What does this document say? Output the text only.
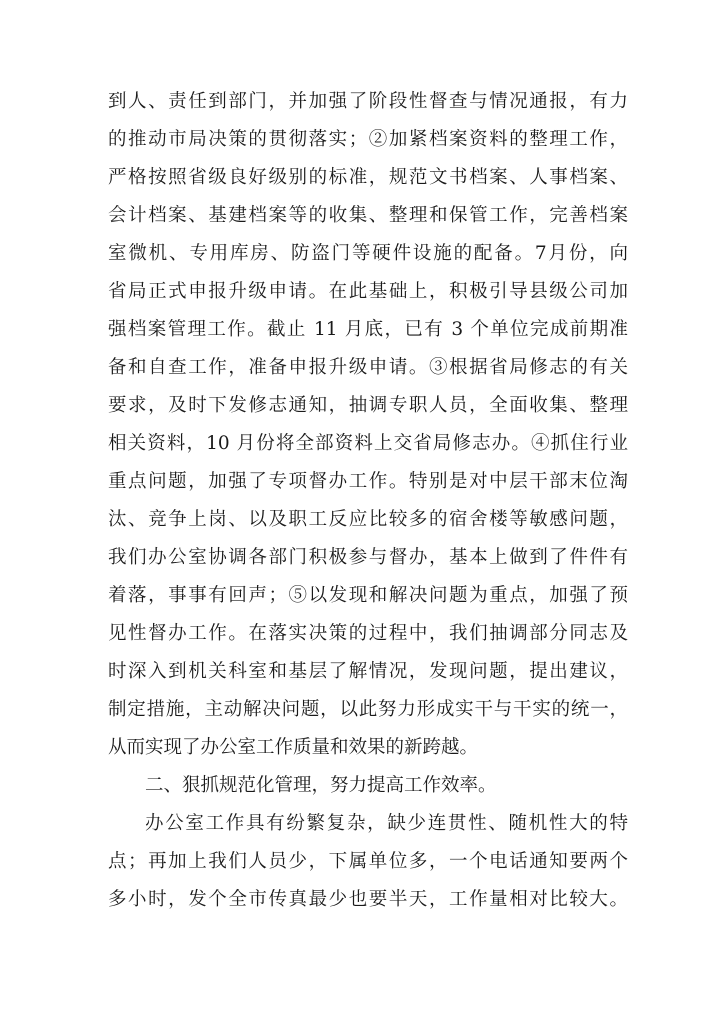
到人、责任到部门，并加强了阶段性督查与情况通报，有力
的推动市局决策的贯彻落实；②加紧档案资料的整理工作，
严格按照省级良好级别的标准，规范文书档案、人事档案、
会计档案、基建档案等的收集、整理和保管工作，完善档案
室微机、专用库房、防盗门等硬件设施的配备。7月份，向
省局正式申报升级申请。在此基础上，积极引导县级公司加
强档案管理工作。截止 11 月底，已有 3 个单位完成前期准
备和自查工作，准备申报升级申请。③根据省局修志的有关
要求，及时下发修志通知，抽调专职人员，全面收集、整理
相关资料，10 月份将全部资料上交省局修志办。④抓住行业
重点问题，加强了专项督办工作。特别是对中层干部末位淘
汰、竞争上岗、以及职工反应比较多的宿舍楼等敏感问题，
我们办公室协调各部门积极参与督办，基本上做到了件件有
着落，事事有回声；⑤以发现和解决问题为重点，加强了预
见性督办工作。在落实决策的过程中，我们抽调部分同志及
时深入到机关科室和基层了解情况，发现问题，提出建议，
制定措施，主动解决问题，以此努力形成实干与干实的统一，
从而实现了办公室工作质量和效果的新跨越。
二、狠抓规范化管理，努力提高工作效率。
办公室工作具有纷繁复杂，缺少连贯性、随机性大的特
点；再加上我们人员少，下属单位多，一个电话通知要两个
多小时，发个全市传真最少也要半天，工作量相对比较大。
